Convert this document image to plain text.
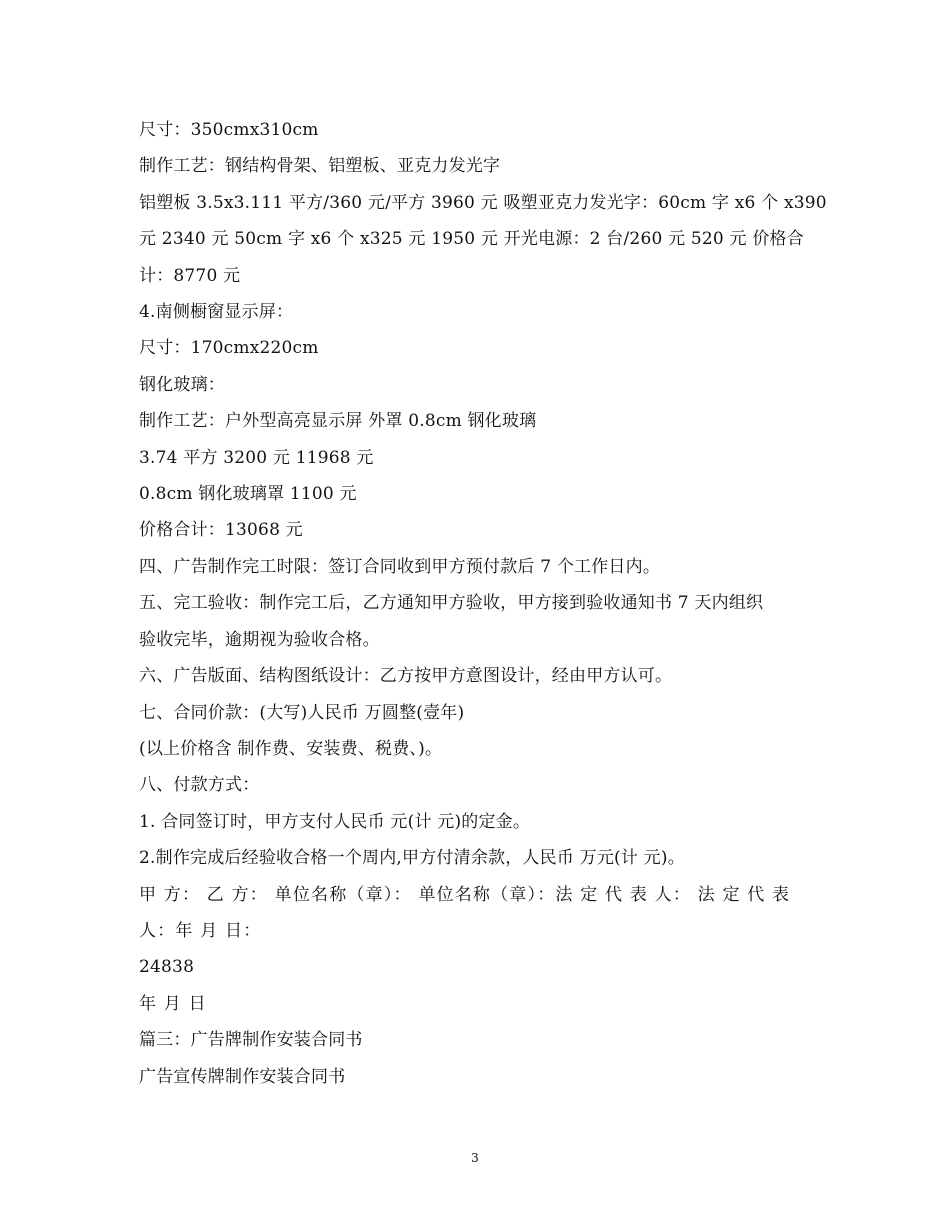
尺寸：350cmx310cm
制作工艺：钢结构骨架、铝塑板、亚克力发光字
铝塑板 3.5x3.111 平方/360 元/平方 3960 元 吸塑亚克力发光字：60cm 字 x6 个 x390
元 2340 元 50cm 字 x6 个 x325 元 1950 元 开光电源：2 台/260 元 520 元 价格合
计：8770 元
4.南侧橱窗显示屏：
尺寸：170cmx220cm
钢化玻璃：
制作工艺：户外型高亮显示屏 外罩 0.8cm 钢化玻璃
3.74 平方 3200 元 11968 元
0.8cm 钢化玻璃罩 1100 元
价格合计：13068 元
四、广告制作完工时限：签订合同收到甲方预付款后 7 个工作日内。
五、完工验收：制作完工后，乙方通知甲方验收，甲方接到验收通知书 7 天内组织
验收完毕，逾期视为验收合格。
六、广告版面、结构图纸设计：乙方按甲方意图设计，经由甲方认可。
七、合同价款：(大写)人民币 万圆整(壹年)
(以上价格含 制作费、安装费、税费、)。
八、付款方式：
1. 合同签订时，甲方支付人民币 元(计 元)的定金。
2.制作完成后经验收合格一个周内,甲方付清余款，人民币 万元(计 元)。
甲 方： 乙 方： 单位名称（章）： 单位名称（章）：法 定 代 表 人： 法 定 代 表
人：年 月 日：
24838
年 月 日
篇三：广告牌制作安装合同书
广告宣传牌制作安装合同书
3
